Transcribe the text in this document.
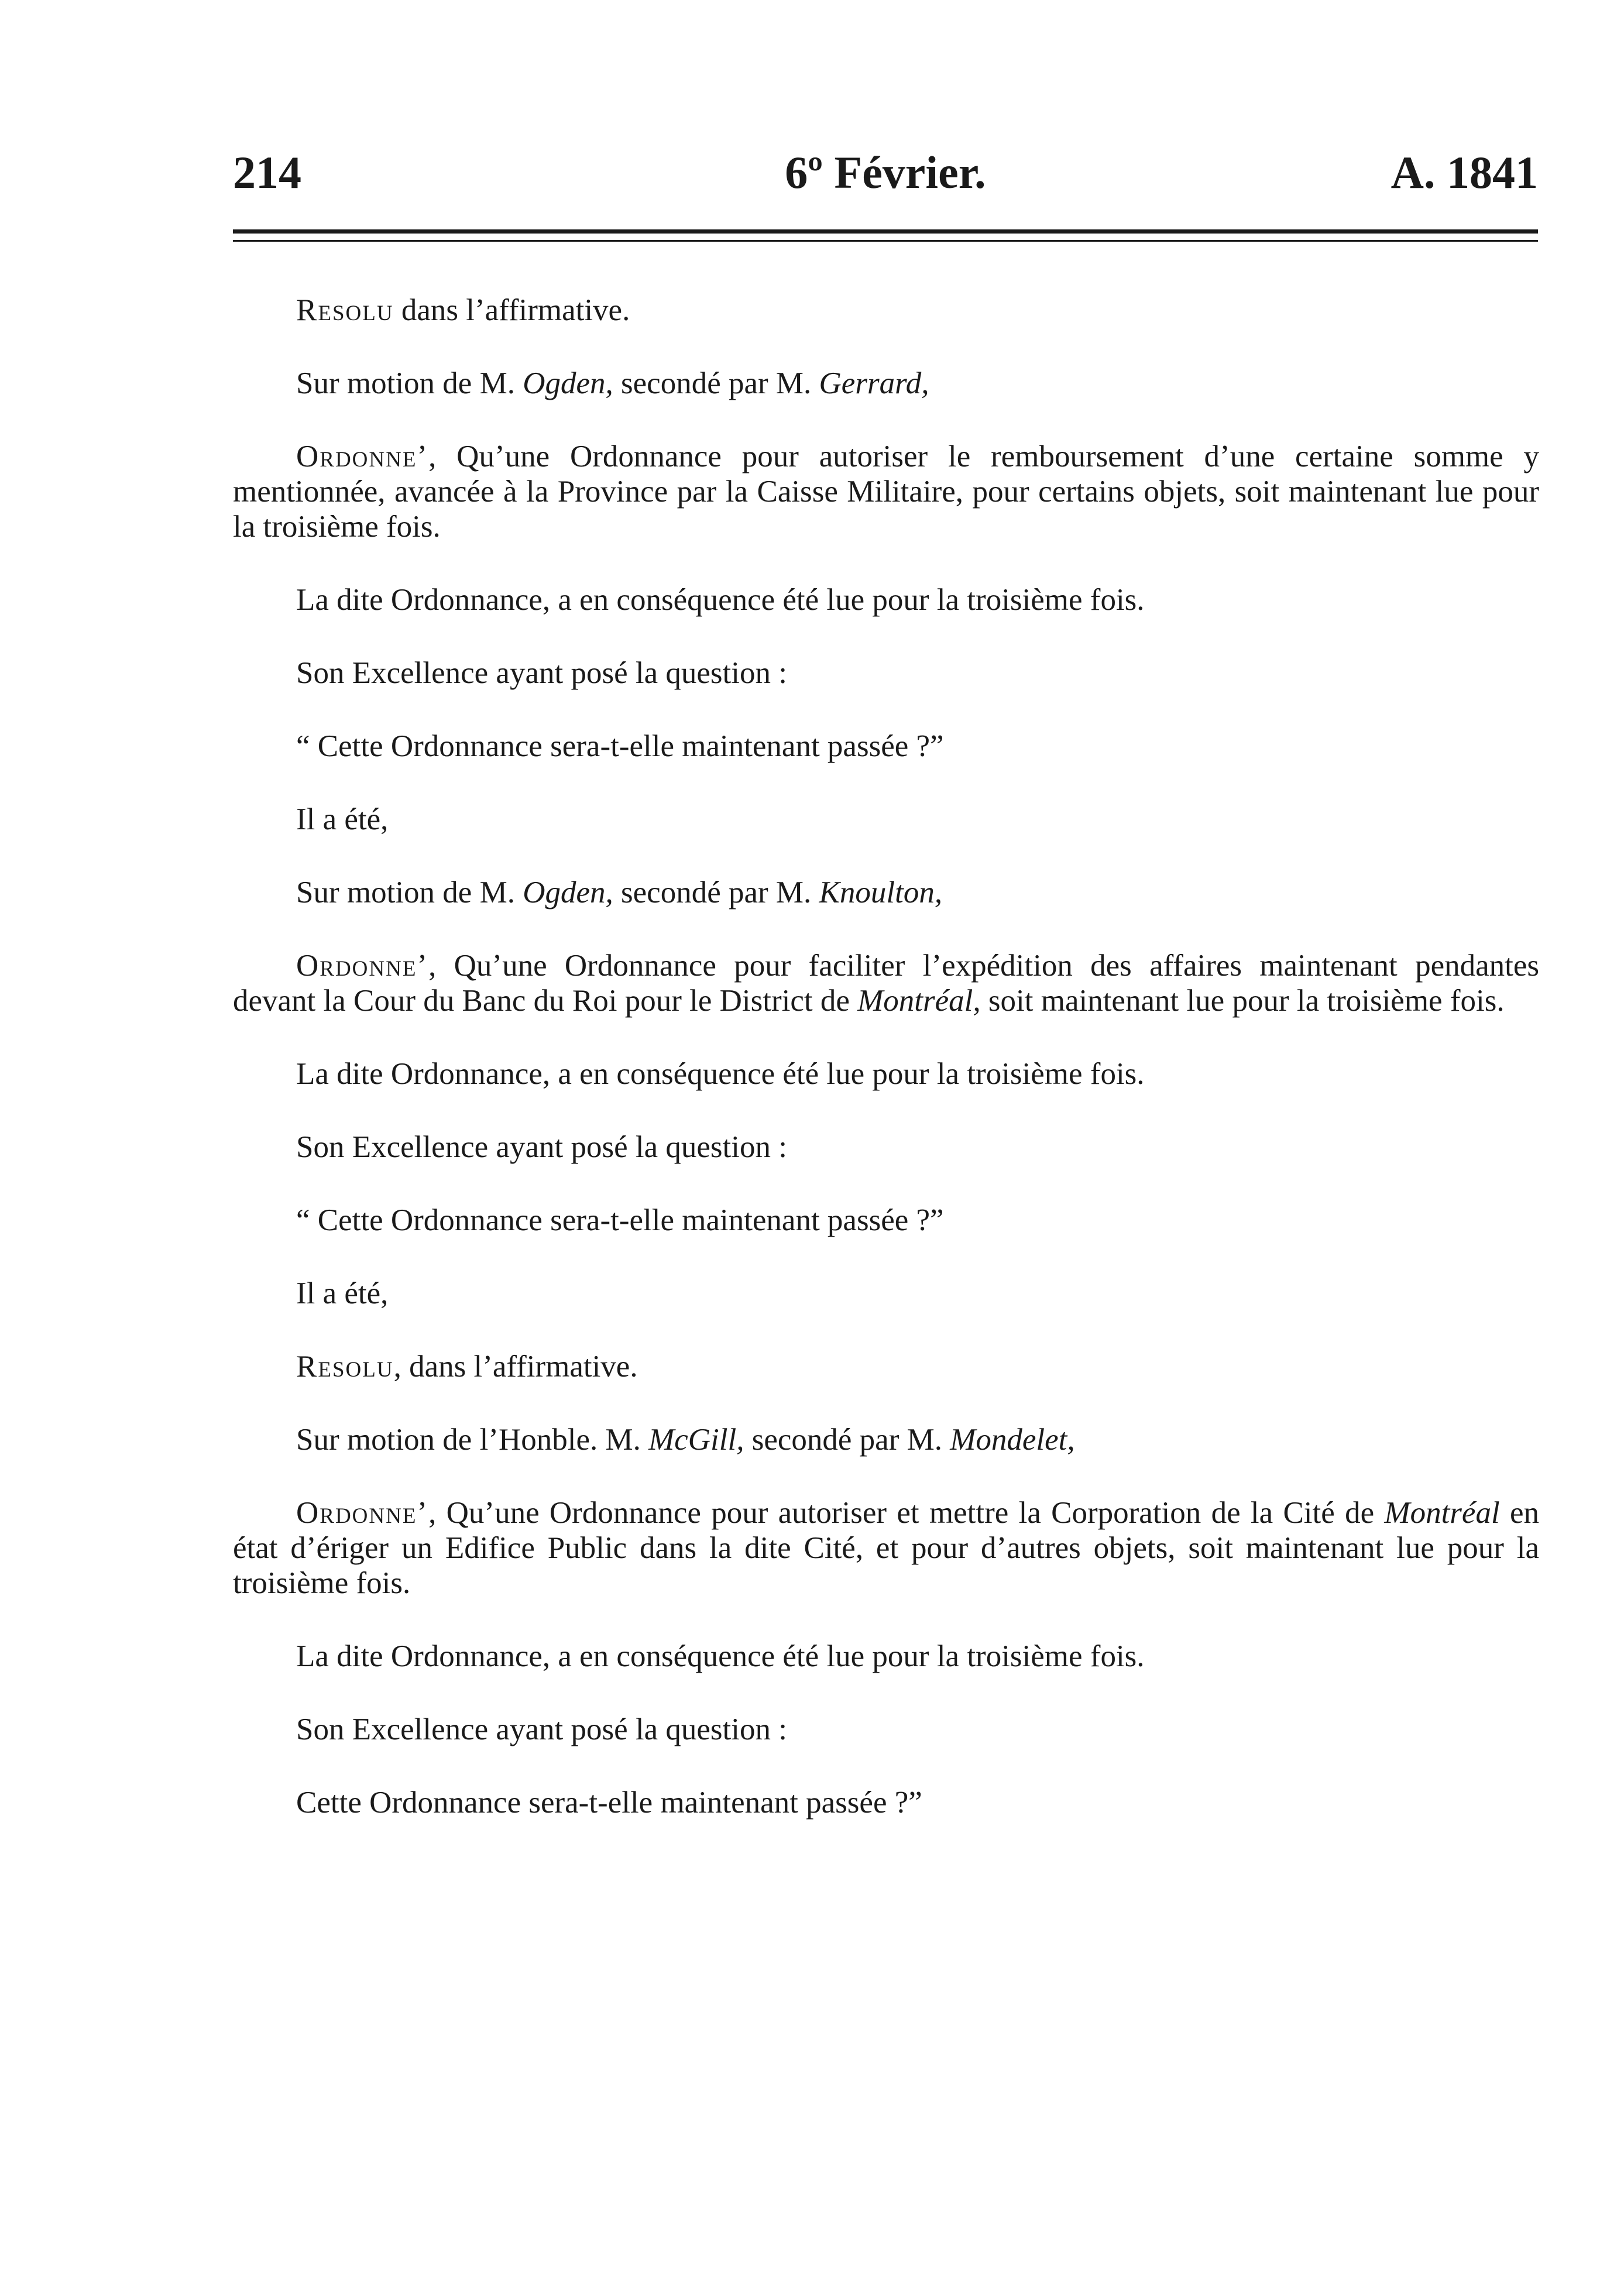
214	6º Février.	A. 1841

Resolu dans l’affirmative.

Sur motion de M. Ogden, secondé par M. Gerrard,

Ordonne’, Qu’une Ordonnance pour autoriser le remboursement d’une certaine somme y mentionnée, avancée à la Province par la Caisse Militaire, pour certains objets, soit maintenant lue pour la troisième fois.

La dite Ordonnance, a en conséquence été lue pour la troisième fois.

Son Excellence ayant posé la question :

“ Cette Ordonnance sera-t-elle maintenant passée ?”

Il a été,

Sur motion de M. Ogden, secondé par M. Knoulton,

Ordonne’, Qu’une Ordonnance pour faciliter l’expédition des affaires maintenant pendantes devant la Cour du Banc du Roi pour le District de Montréal, soit maintenant lue pour la troisième fois.

La dite Ordonnance, a en conséquence été lue pour la troisième fois.

Son Excellence ayant posé la question :

“ Cette Ordonnance sera-t-elle maintenant passée ?”

Il a été,

Resolu, dans l’affirmative.

Sur motion de l’Honble. M. McGill, secondé par M. Mondelet,

Ordonne’, Qu’une Ordonnance pour autoriser et mettre la Corporation de la Cité de Montréal en état d’ériger un Edifice Public dans la dite Cité, et pour d’autres objets, soit maintenant lue pour la troisième fois.

La dite Ordonnance, a en conséquence été lue pour la troisième fois.

Son Excellence ayant posé la question :

Cette Ordonnance sera-t-elle maintenant passée ?”
